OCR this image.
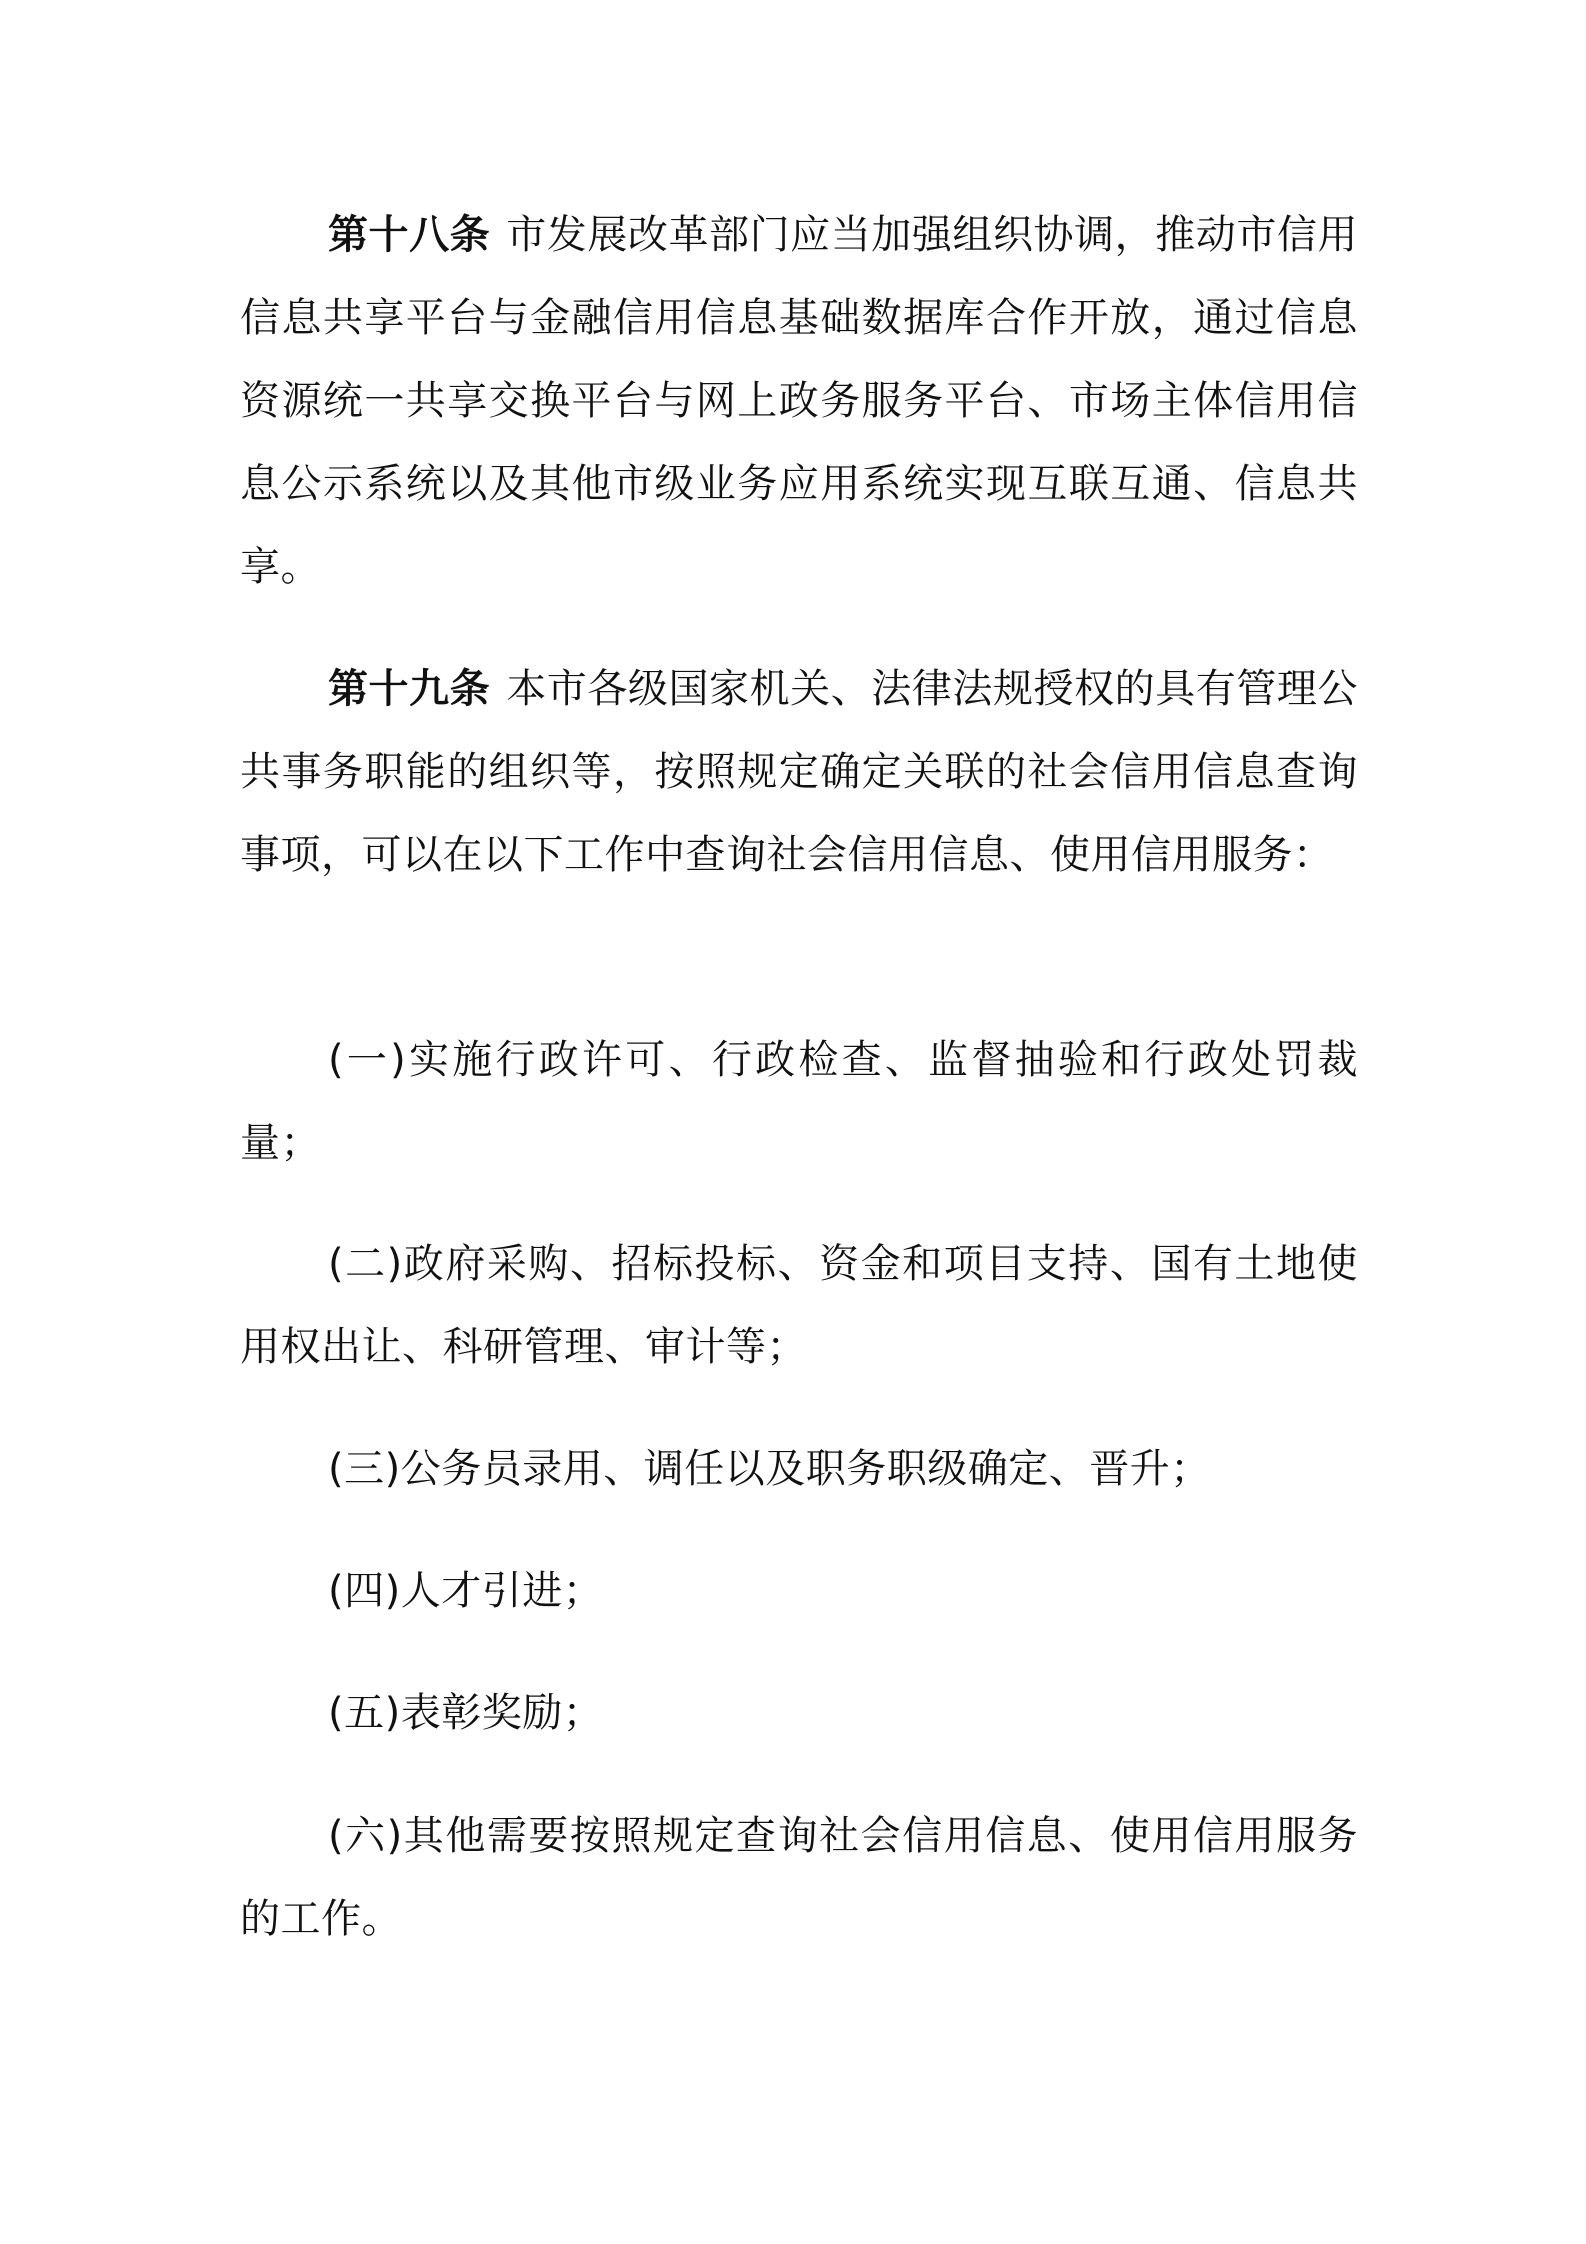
第十八条 市发展改革部门应当加强组织协调，推动市信用信息共享平台与金融信用信息基础数据库合作开放，通过信息资源统一共享交换平台与网上政务服务平台、市场主体信用信息公示系统以及其他市级业务应用系统实现互联互通、信息共享。

第十九条 本市各级国家机关、法律法规授权的具有管理公共事务职能的组织等，按照规定确定关联的社会信用信息查询事项，可以在以下工作中查询社会信用信息、使用信用服务：

(一)实施行政许可、行政检查、监督抽验和行政处罚裁量；

(二)政府采购、招标投标、资金和项目支持、国有土地使用权出让、科研管理、审计等；

(三)公务员录用、调任以及职务职级确定、晋升；

(四)人才引进；

(五)表彰奖励；

(六)其他需要按照规定查询社会信用信息、使用信用服务的工作。
